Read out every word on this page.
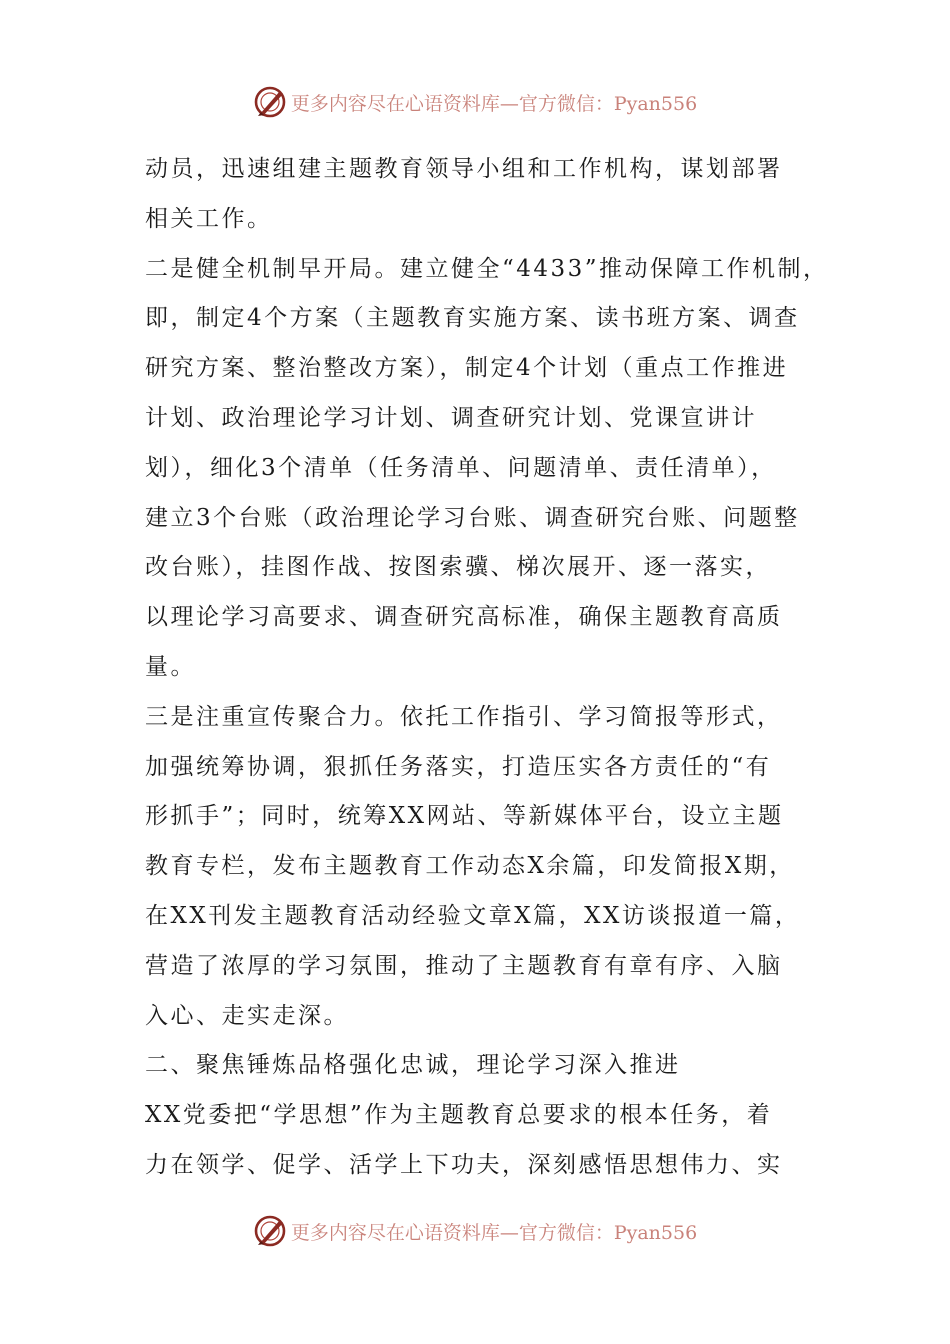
更多内容尽在心语资料库—官方微信：Pyan556
动员，迅速组建主题教育领导小组和工作机构，谋划部署
相关工作。
二是健全机制早开局。建立健全“4433”推动保障工作机制，
即，制定4个方案（主题教育实施方案、读书班方案、调查
研究方案、整治整改方案），制定4个计划（重点工作推进
计划、政治理论学习计划、调查研究计划、党课宣讲计
划），细化3个清单（任务清单、问题清单、责任清单），
建立3个台账（政治理论学习台账、调查研究台账、问题整
改台账），挂图作战、按图索骥、梯次展开、逐一落实，
以理论学习高要求、调查研究高标准，确保主题教育高质
量。
三是注重宣传聚合力。依托工作指引、学习简报等形式，
加强统筹协调，狠抓任务落实，打造压实各方责任的“有
形抓手”；同时，统筹XX网站、等新媒体平台，设立主题
教育专栏，发布主题教育工作动态X余篇，印发简报X期，
在XX刊发主题教育活动经验文章X篇，XX访谈报道一篇，
营造了浓厚的学习氛围，推动了主题教育有章有序、入脑
入心、走实走深。
二、聚焦锤炼品格强化忠诚，理论学习深入推进
XX党委把“学思想”作为主题教育总要求的根本任务，着
力在领学、促学、活学上下功夫，深刻感悟思想伟力、实
更多内容尽在心语资料库—官方微信：Pyan556
